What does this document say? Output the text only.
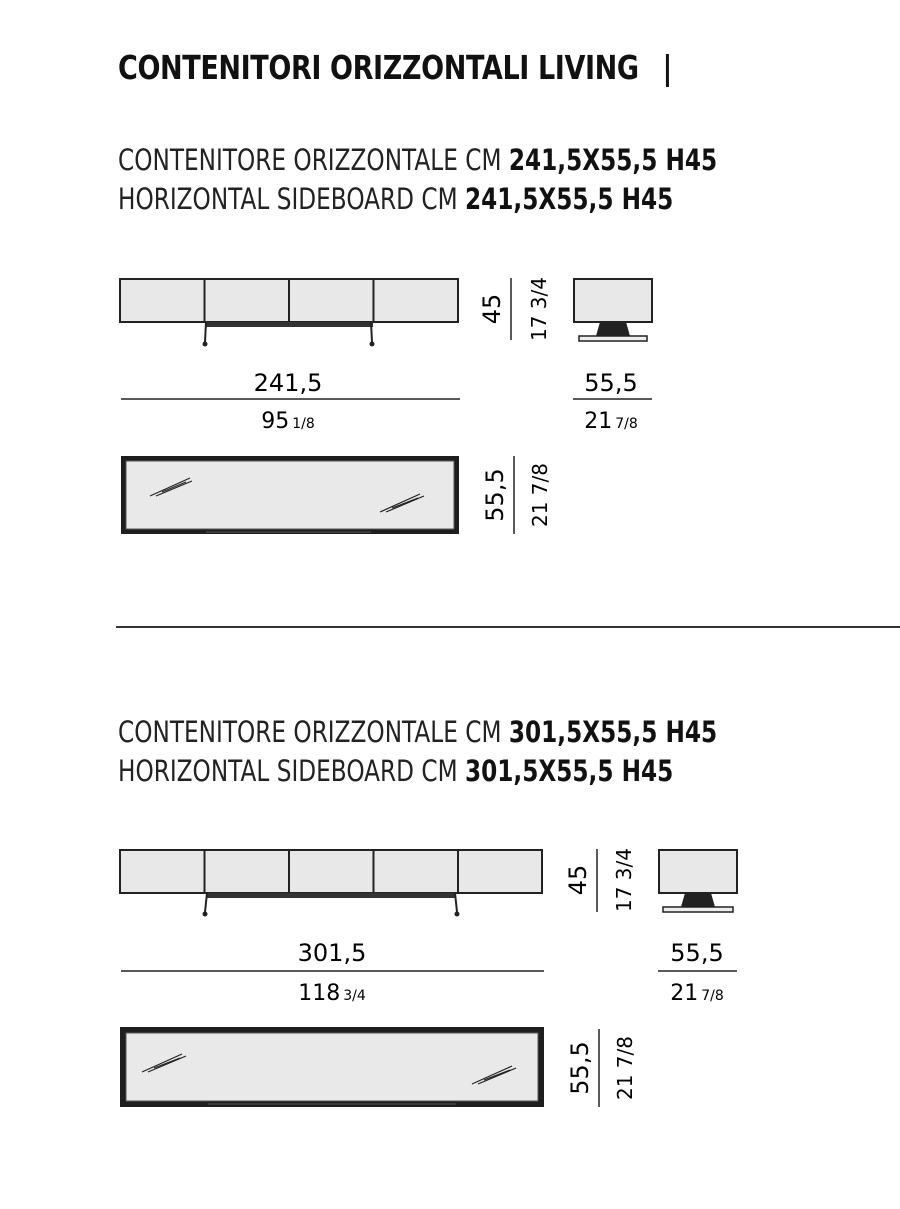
CONTENITORI ORIZZONTALI LIVING |
CONTENITORE ORIZZONTALE CM 241,5X55,5 H45
HORIZONTAL SIDEBOARD CM 241,5X55,5 H45
45 17 3/4
241,5
95 1/8
55,5
21 7/8
55,5 21 7/8
CONTENITORE ORIZZONTALE CM 301,5X55,5 H45
HORIZONTAL SIDEBOARD CM 301,5X55,5 H45
45 17 3/4
301,5
118 3/4
55,5
21 7/8
55,5 21 7/8
